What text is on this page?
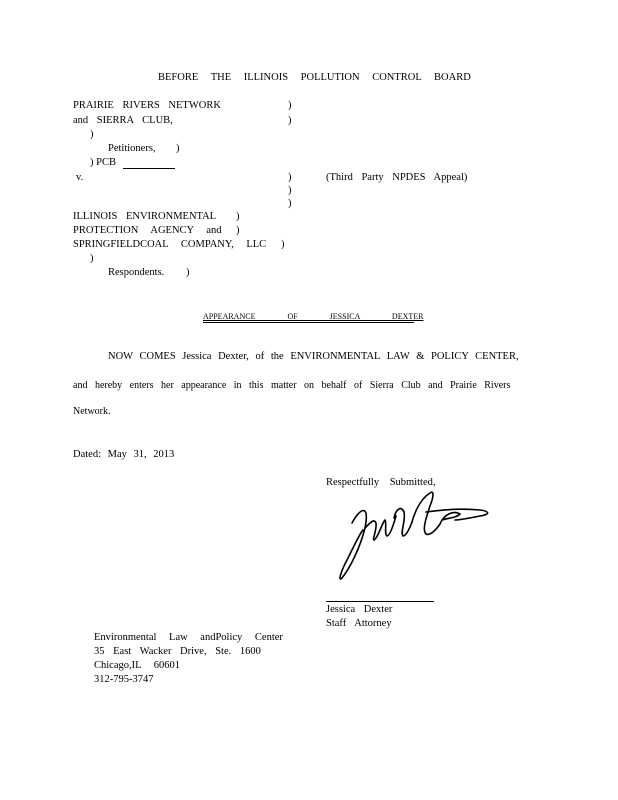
BEFORE THE ILLINOIS POLLUTION CONTROL BOARD
PRAIRIE RIVERS NETWORK	)
and SIERRA CLUB,	)
)
Petitioners, )
) PCB
v.	)	(Third Party NPDES Appeal)
)
)
ILLINOIS ENVIRONMENTAL )
PROTECTION AGENCY and )
SPRINGFIELDCOAL COMPANY, LLC )
)
Respondents. )
APPEARANCE OF JESSICA DEXTER
NOW COMES Jessica Dexter, of the ENVIRONMENTAL LAW & POLICY CENTER,
and hereby enters her appearance in this matter on behalf of Sierra Club and Prairie Rivers
Network.
Dated: May 31, 2013
Respectfully Submitted,
Jessica Dexter
Staff Attorney
Environmental Law andPolicy Center
35 East Wacker Drive, Ste. 1600
Chicago,IL 60601
312-795-3747
